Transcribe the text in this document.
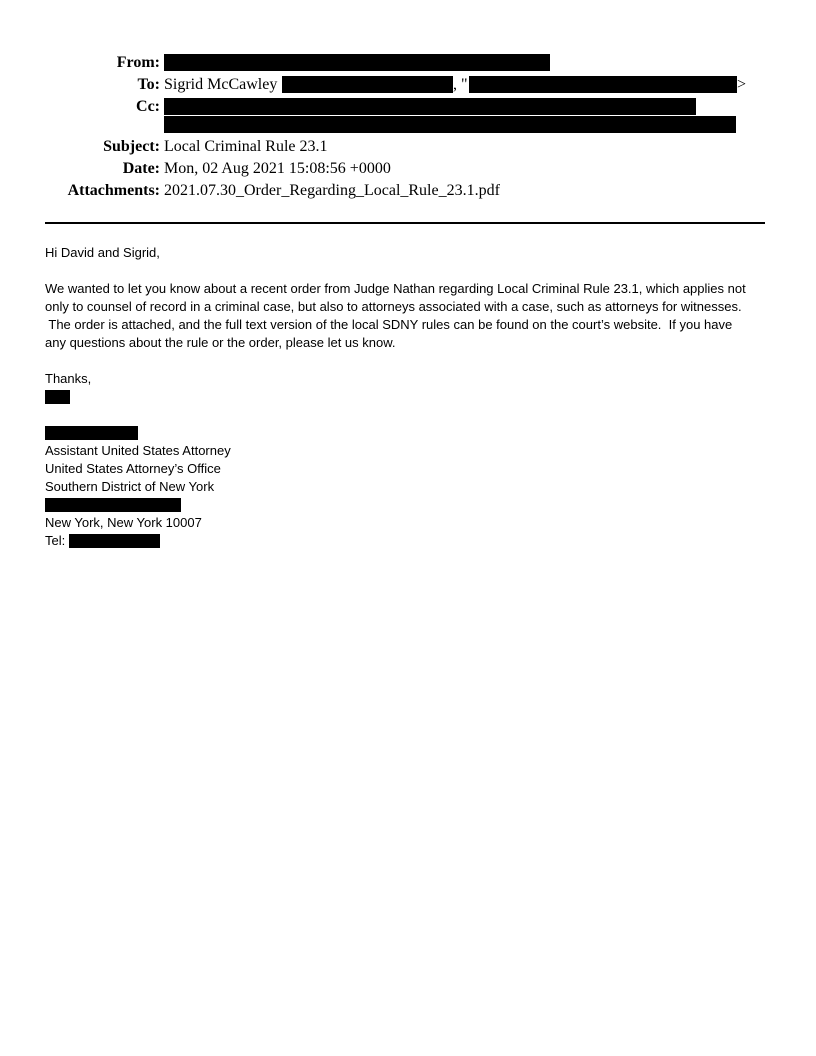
From:
To: Sigrid McCawley	, "	>
Cc:
Subject: Local Criminal Rule 23.1
Date: Mon, 02 Aug 2021 15:08:56 +0000
Attachments: 2021.07.30_Order_Regarding_Local_Rule_23.1.pdf
Hi David and Sigrid,
We wanted to let you know about a recent order from Judge Nathan regarding Local Criminal Rule 23.1, which applies not
only to counsel of record in a criminal case, but also to attorneys associated with a case, such as attorneys for witnesses.
The order is attached, and the full text version of the local SDNY rules can be found on the court’s website.  If you have
any questions about the rule or the order, please let us know.
Thanks,
Assistant United States Attorney
United States Attorney’s Office
Southern District of New York
New York, New York 10007
Tel:
